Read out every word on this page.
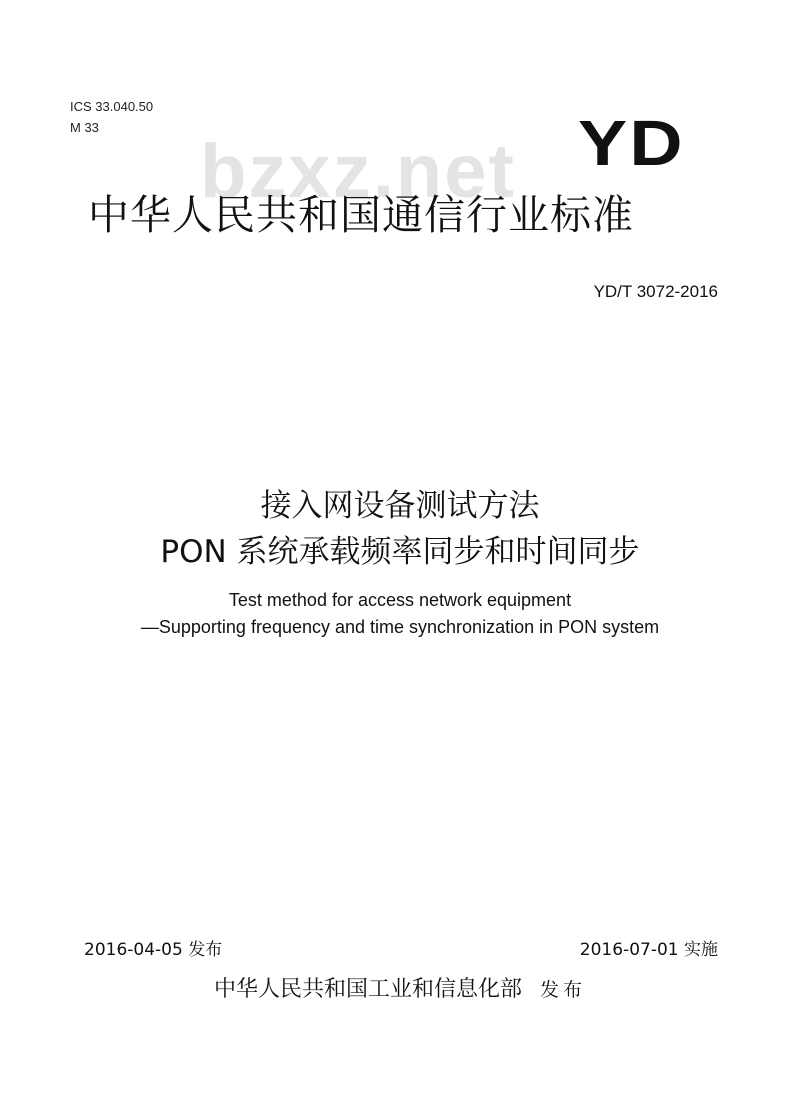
ICS 33.040.50
M 33
bzxz.net YD
中华人民共和国通信行业标准
YD/T 3072-2016
接入网设备测试方法
PON 系统承载频率同步和时间同步
Test method for access network equipment
—Supporting frequency and time synchronization in PON system
2016-04-05 发布	2016-07-01 实施
中华人民共和国工业和信息化部 发布
